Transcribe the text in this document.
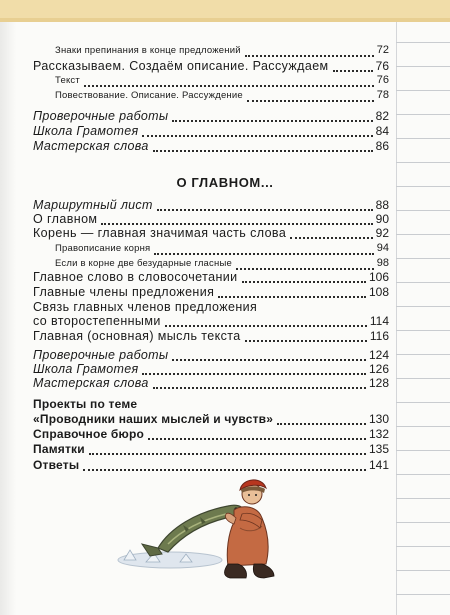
Знаки препинания в конце предложений	72
Рассказываем. Создаём описание. Рассуждаем	76
Текст	76
Повествование. Описание. Рассуждение	78
Проверочные работы	82
Школа Грамотея	84
Мастерская слова	86
О ГЛАВНОМ...
Маршрутный лист	88
О главном	90
Корень — главная значимая часть слова	92
Правописание корня	94
Если в корне две безударные гласные	98
Главное слово в словосочетании	106
Главные члены предложения	108
Связь главных членов предложения
со второстепенными	114
Главная (основная) мысль текста	116
Проверочные работы	124
Школа Грамотея	126
Мастерская слова	128
Проекты по теме
«Проводники наших мыслей и чувств»	130
Справочное бюро	132
Памятки	135
Ответы	141
